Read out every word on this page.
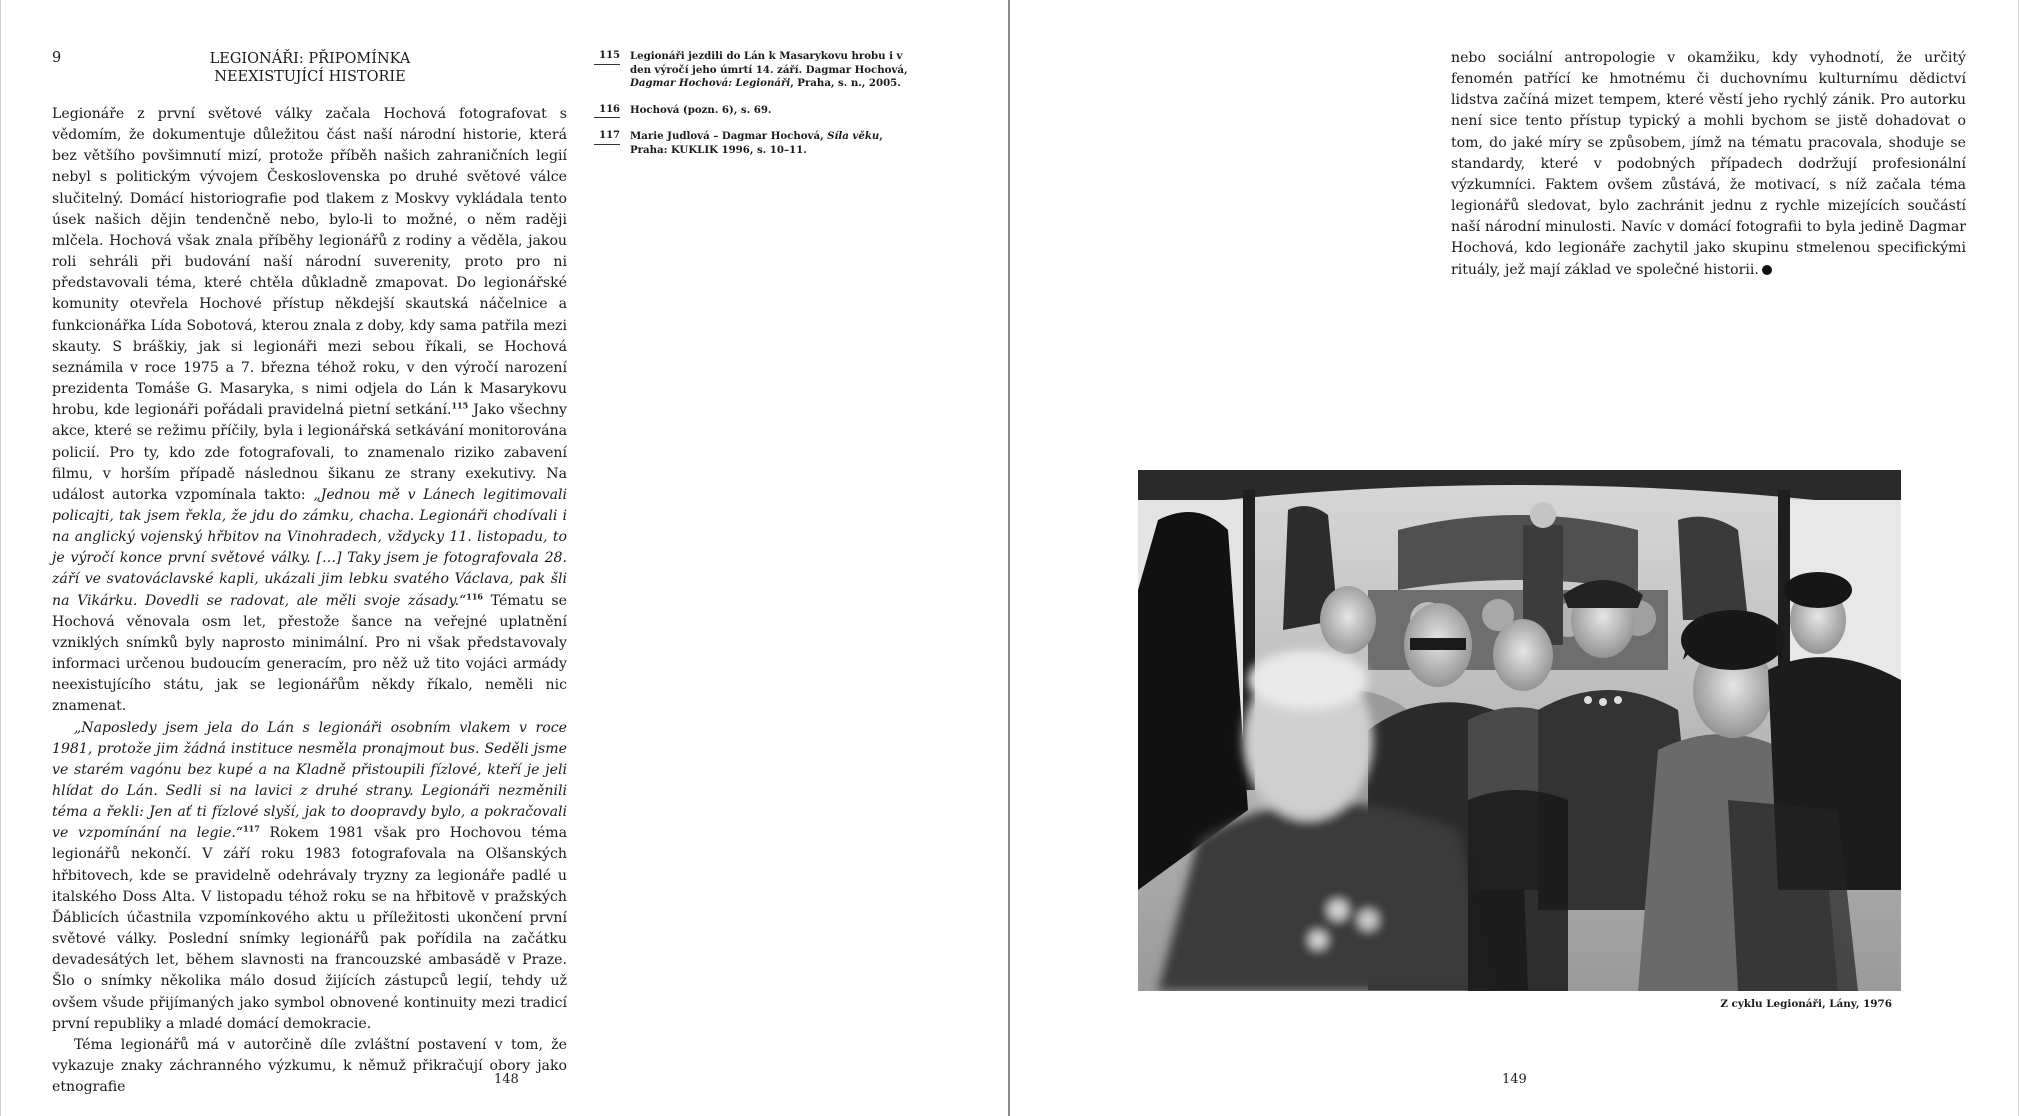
9	LEGIONÁŘI: PŘIPOMÍNKA
NEEXISTUJÍCÍ HISTORIE

Legionáře z první světové války začala Hochová fotografovat s vědomím, že dokumentuje důležitou část naší národní historie, která bez většího povšimnutí mizí, protože příběh našich zahraničních legií nebyl s politickým vývojem Československa po druhé světové válce slučitelný. Domácí historiografie pod tlakem z Moskvy vykládala tento úsek našich dějin tendenčně nebo, bylo-li to možné, o něm raději mlčela. Hochová však znala příběhy legionářů z rodiny a věděla, jakou roli sehráli při budování naší národní suverenity, proto pro ni představovali téma, které chtěla důkladně zmapovat. Do legionářské komunity otevřela Hochové přístup někdejší skautská náčelnice a funkcionářka Lída Sobotová, kterou znala z doby, kdy sama patřila mezi skauty. S bráškiy, jak si legionáři mezi sebou říkali, se Hochová seznámila v roce 1975 a 7. března téhož roku, v den výročí narození prezidenta Tomáše G. Masaryka, s nimi odjela do Lán k Masarykovu hrobu, kde legionáři pořádali pravidelná pietní setkání.$^{115}$ Jako všechny akce, které se režimu příčily, byla i legionářská setkávání monitorována policií. Pro ty, kdo zde fotografovali, to znamenalo riziko zabavení filmu, v horším případě následnou šikanu ze strany exekutivy. Na událost autorka vzpomínala takto: „Jednou mě v Lánech legitimovali policajti, tak jsem řekla, že jdu do zámku, chacha. Legionáři chodívali i na anglický vojenský hřbitov na Vinohradech, vždycky 11. listopadu, to je výročí konce první světové války. […] Taky jsem je fotografovala 28. září ve svatováclavské kapli, ukázali jim lebku svatého Václava, pak šli na Vikárku. Dovedli se radovat, ale měli svoje zásady.“$^{116}$ Tématu se Hochová věnovala osm let, přestože šance na veřejné uplatnění vzniklých snímků byly naprosto minimální. Pro ni však představovaly informaci určenou budoucím generacím, pro něž už tito vojáci armády neexistujícího státu, jak se legionářům někdy říkalo, neměli nic znamenat.

„Naposledy jsem jela do Lán s legionáři osobním vlakem v roce 1981, protože jim žádná instituce nesměla pronajmout bus. Seděli jsme ve starém vagónu bez kupé a na Kladně přistoupili fízlové, kteří je jeli hlídat do Lán. Sedli si na lavici z druhé strany. Legionáři nezměnili téma a řekli: Jen ať ti fízlové slyší, jak to doopravdy bylo, a pokračovali ve vzpomínání na legie.“$^{117}$ Rokem 1981 však pro Hochovou téma legionářů nekončí. V září roku 1983 fotografovala na Olšanských hřbitovech, kde se pravidelně odehrávaly tryzny za legionáře padlé u italského Doss Alta. V listopadu téhož roku se na hřbitově v pražských Ďáblicích účastnila vzpomínkového aktu u příležitosti ukončení první světové války. Poslední snímky legionářů pak pořídila na začátku devadesátých let, během slavnosti na francouzské ambasádě v Praze. Šlo o snímky několika málo dosud žijících zástupců legií, tehdy už ovšem všude přijímaných jako symbol obnovené kontinuity mezi tradicí první republiky a mladé domácí demokracie.

Téma legionářů má v autorčině díle zvláštní postavení v tom, že vykazuje znaky záchranného výzkumu, k němuž přikračují obory jako etnografie

115 Legionáři jezdili do Lán k Masarykovu hrobu i v den výročí jeho úmrtí 14. září. Dagmar Hochová, Dagmar Hochová: Legionáři, Praha, s. n., 2005.
116 Hochová (pozn. 6), s. 69.
117 Marie Judlová – Dagmar Hochová, Síla věku, Praha: KUKLIK 1996, s. 10–11.
148

nebo sociální antropologie v okamžiku, kdy vyhodnotí, že určitý fenomén patřící ke hmotnému či duchovnímu kulturnímu dědictví lidstva začíná mizet tempem, které věstí jeho rychlý zánik. Pro autorku není sice tento přístup typický a mohli bychom se jistě dohadovat o tom, do jaké míry se způsobem, jímž na tématu pracovala, shoduje se standardy, které v podobných případech dodržují profesionální výzkumníci. Faktem ovšem zůstává, že motivací, s níž začala téma legionářů sledovat, bylo zachránit jednu z rychle mizejících součástí naší národní minulosti. Navíc v domácí fotografii to byla jedině Dagmar Hochová, kdo legionáře zachytil jako skupinu stmelenou specifickými rituály, jež mají základ ve společné historii.

Z cyklu Legionáři, Lány, 1976
149
